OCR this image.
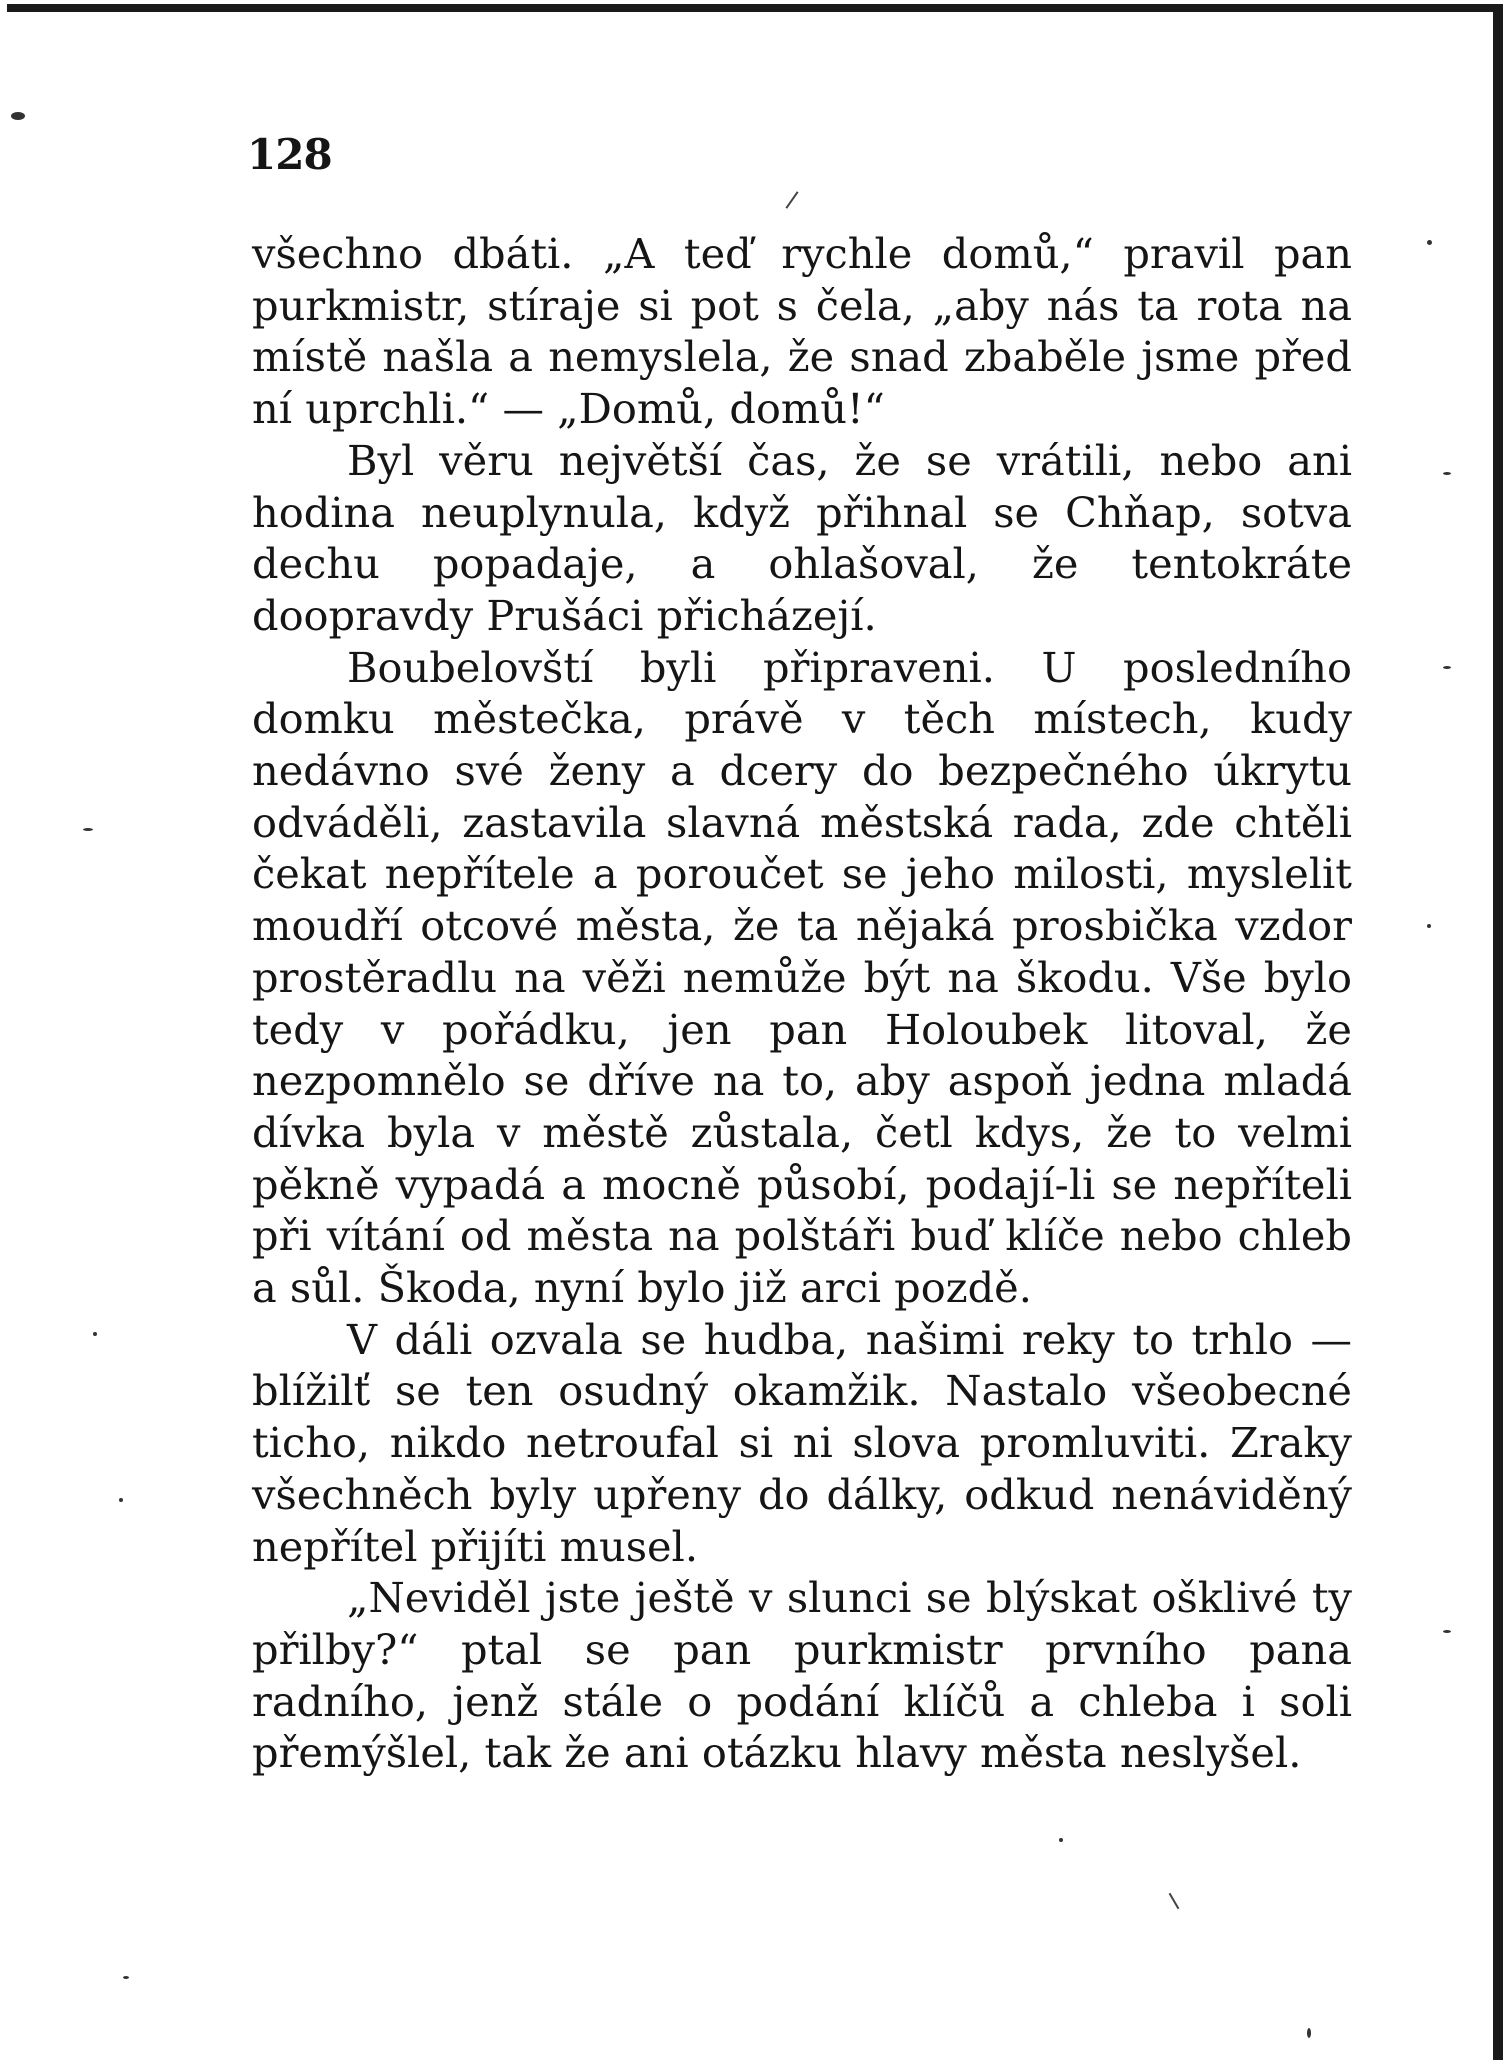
128

všechno dbáti. „A teď rychle domů,“ pravil pan purkmistr, stíraje si pot s čela, „aby nás ta rota na místě našla a nemyslela, že snad zbaběle jsme před ní uprchli.“ — „Domů, domů!“

Byl věru největší čas, že se vrátili, nebo ani hodina neuplynula, když přihnal se Chňap, sotva dechu popadaje, a ohlašoval, že tentokráte doopravdy Prušáci přicházejí.

Boubelovští byli připraveni. U posledního domku městečka, právě v těch místech, kudy nedávno své ženy a dcery do bezpečného úkrytu odváděli, zastavila slavná městská rada, zde chtěli čekat nepřítele a poroučet se jeho milosti, myslelit moudří otcové města, že ta nějaká prosbička vzdor prostěradlu na věži nemůže být na škodu. Vše bylo tedy v pořádku, jen pan Holoubek litoval, že nezpomnělo se dříve na to, aby aspoň jedna mladá dívka byla v městě zůstala, četl kdys, že to velmi pěkně vypadá a mocně působí, podají-li se nepříteli při vítání od města na polštáři buď klíče nebo chleb a sůl. Škoda, nyní bylo již arci pozdě.

V dáli ozvala se hudba, našimi reky to trhlo — blížilť se ten osudný okamžik. Nastalo všeobecné ticho, nikdo netroufal si ni slova promluviti. Zraky všechněch byly upřeny do dálky, odkud nenáviděný nepřítel přijíti musel.

„Neviděl jste ještě v slunci se blýskat ošklivé ty přilby?“ ptal se pan purkmistr prvního pana radního, jenž stále o podání klíčů a chleba i soli přemýšlel, tak že ani otázku hlavy města neslyšel.
